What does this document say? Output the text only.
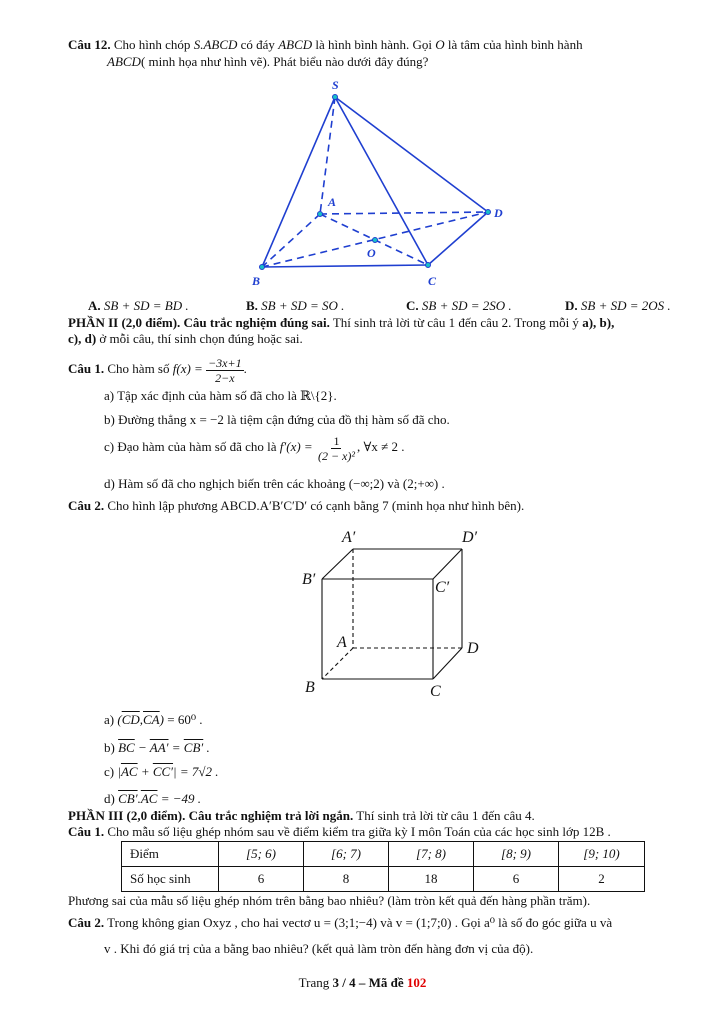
Câu 12. Cho hình chóp S.ABCD có đáy ABCD là hình bình hành. Gọi O là tâm của hình bình hành
ABCD( minh họa như hình vẽ). Phát biểu nào dưới đây đúng?
S
A
B	C
D
O
A. SB + SD = BD .	B. SB + SD = SO .	C. SB + SD = 2SO .	D. SB + SD = 2OS .
PHẦN II (2,0 điểm). Câu trắc nghiệm đúng sai. Thí sinh trả lời từ câu 1 đến câu 2. Trong mỗi ý a), b),
c), d) ở mỗi câu, thí sinh chọn đúng hoặc sai.
Câu 1. Cho hàm số $f(x) = \frac{-3x+1}{2-x}$ .
a) Tập xác định của hàm số đã cho là ℝ\{2}.
b) Đường thẳng x = −2 là tiệm cận đứng của đồ thị hàm số đã cho.
c) Đạo hàm của hàm số đã cho là $f'(x) = \frac{1}{\text{(2 − x)²}}$ , ∀x ≠ 2 .
d) Hàm số đã cho nghịch biến trên các khoảng (−∞;2) và (2;+∞) .
Câu 2. Cho hình lập phương ABCD.A′B′C′D′ có cạnh bằng 7 (minh họa như hình bên).
A′	D′
B′	C′
A	D
B	C
a) $(\overline{CD},\overline{CA}) = 60^0$ .
b) $\overline{BC} - AA' = CB'$ .
c) $|\overline{AC} + CC'| = 7√2$ .
d) $CB'.\overline{AC} = -49$ .
PHẦN III (2,0 điểm). Câu trắc nghiệm trả lời ngắn. Thí sinh trả lời từ câu 1 đến câu 4.
Câu 1. Cho mẫu số liệu ghép nhóm sau về điểm kiểm tra giữa kỳ I môn Toán của các học sinh lớp 12B .
Điểm	[5; 6)	[6; 7)	[7; 8)	[8; 9)	[9; 10)
Số học sinh	6	8	18	6	2
Phương sai của mẫu số liệu ghép nhóm trên bằng bao nhiêu? (làm tròn kết quả đến hàng phần trăm).
Câu 2. Trong không gian Oxyz , cho hai vectơ u = (3;1;−4) và v = (1;7;0) . Gọi a⁰ là số đo góc giữa u và
v . Khi đó giá trị của a bằng bao nhiêu? (kết quả làm tròn đến hàng đơn vị của độ).
Trang 3 / 4 – Mã đề 102
